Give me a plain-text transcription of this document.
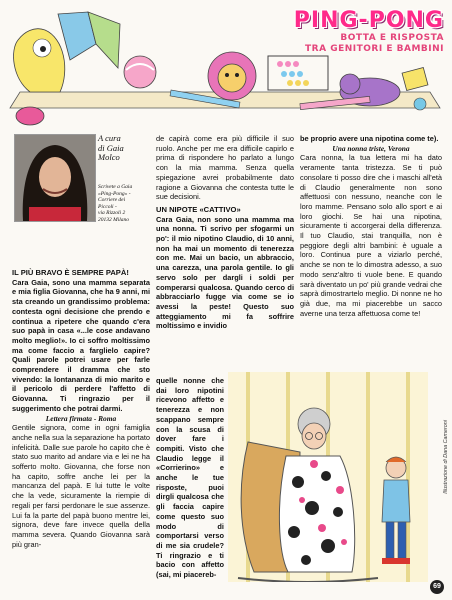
PING-PONG
BOTTA E RISPOSTA
TRA GENITORI E BAMBINI
A cura
di Gaia
Molco
Scrivete a Gaia
«Ping-Pong» -
Corriere dei
Piccoli -
via Rizzoli 2
20132 Milano

IL PIÙ BRAVO È SEMPRE PAPÀ!

Cara Gaia, sono una mamma separata e mia figlia Giovanna, che ha 9 anni, mi sta creando un grandissimo problema: contesta ogni decisione che prendo e continua a ripetere che quando c'era suo papà in casa «...le cose andavano molto meglio!». Io ci soffro moltissimo ma come faccio a farglielo capire? Quali parole potrei usare per farle comprendere il dramma che sto vivendo: la lontananza di mio marito e il pericolo di perdere l'affetto di Giovanna. Ti ringrazio per il suggerimento che potrai darmi.

Lettera firmata - Roma

Gentile signora, come in ogni famiglia anche nella sua la separazione ha portato infelicità. Dalle sue parole ho capito che è stato suo marito ad andare via e lei ne ha sofferto molto. Giovanna, che forse non ha capito, soffre anche lei per la mancanza del papà. E lui tutte le volte che la vede, sicuramente la riempie di regali per farsi perdonare le sue assenze. Lui fa la parte del papà buono mentre lei, signora, deve fare invece quella della mamma severa. Quando Giovanna sarà più gran-

de capirà come era più difficile il suo ruolo. Anche per me era difficile capirlo e prima di rispondere ho parlato a lungo con la mia mamma. Senza quella spiegazione avrei probabilmente dato ragione a Giovanna che contesta tutte le sue decisioni.

UN NIPOTE «CATTIVO»

Cara Gaia, non sono una mamma ma una nonna. Ti scrivo per sfogarmi un po': il mio nipotino Claudio, di 10 anni, non ha mai un momento di tenerezza con me. Mai un bacio, un abbraccio, una carezza, una parola gentile. Io gli servo solo per dargli i soldi per comperarsi qualcosa. Quando cerco di abbracciarlo fugge via come se io avessi la peste! Questo suo atteggiamento mi fa soffrire moltissimo e invidio

quelle nonne che dai loro nipotini ricevono affetto e tenerezza e non scappano sempre con la scusa di dover fare i compiti. Visto che Claudio legge il «Corrierino» e anche le tue risposte, puoi dirgli qualcosa che gli faccia capire come questo suo modo di comportarsi verso di me sia crudele? Ti ringrazio e ti bacio con affetto (sai, mi piacereb-

be proprio avere una nipotina come te).

Una nonna triste, Verona

Cara nonna, la tua lettera mi ha dato veramente tanta tristezza. Se ti può consolare ti posso dire che i maschi all'età di Claudio generalmente non sono affettuosi con nessuno, neanche con le loro mamme. Pensano solo allo sport e ai loro giochi. Se hai una nipotina, sicuramente ti accorgerai della differenza. Il tuo Claudio, stai tranquilla, non è peggiore degli altri bambini: è uguale a loro. Continua pure a viziarlo perché, anche se non te lo dimostra adesso, a suo modo senz'altro ti vuole bene. E quando sarà diventato un po' più grande vedrai che saprà dimostrartelo meglio. Di nonne ne ho già due, ma mi piacerebbe un sacco averne una terza affettuosa come te!

Illustrazione di Dana Cameroni
69
